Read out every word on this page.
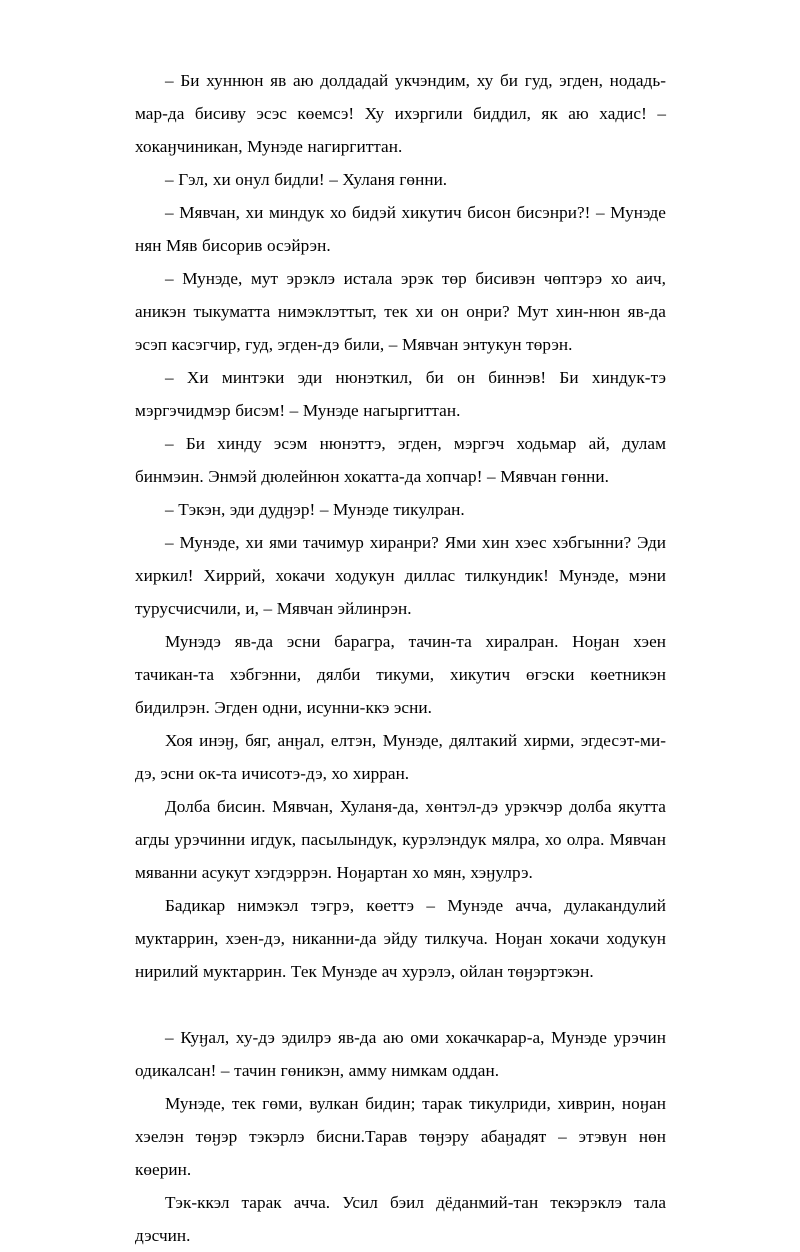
– Би хуннюн яв аю долдадай укчэндим, ху би гуд, эгден, нодадь-мар-да бисиву эсэс көемсэ! Ху ихэргили биддил, як аю хадис! – хокаӈчиникан, Мунэде нагиргиттан.

– Гэл, хи онул бидли! – Хуланя гөнни.

– Мявчан, хи миндук хо бидэй хикутич бисон бисэнри?! – Мунэде нян Мяв бисорив осэйрэн.

– Мунэде, мут эрэклэ истала эрэк төр бисивэн чөптэрэ хо аич, аникэн тыкуматта нимэклэттыт, тек хи он онри? Мут хин-нюн яв-да эсэп касэгчир, гуд, эгден-дэ били, – Мявчан энтукун төрэн.

– Хи минтэки эди нюнэткил, би он биннэв! Би хиндук-тэ мэргэчидмэр бисэм! – Мунэде нагыргиттан.

– Би хинду эсэм нюнэттэ, эгден, мэргэч ходьмар ай, дулам бинмэин. Энмэй дюлейнюн хокатта-да хопчар! – Мявчан гөнни.

– Тэкэн, эди дудӈэр! – Мунэде тикулран.

– Мунэде, хи ями тачимур хиранри? Ями хин хэес хэбгынни? Эди хиркил! Хиррий, хокачи ходукун диллас тилкундик! Мунэде, мэни турусчисчили, и, – Мявчан эйлинрэн.

Мунэдэ яв-да эсни барагра, тачин-та хиралран. Ноӈан хэен тачикан-та хэбгэнни, дялби тикуми, хикутич өгэски көетникэн бидилрэн. Эгден одни, исунни-ккэ эсни.

Хоя инэӈ, бяг, анӈал, елтэн, Мунэде, дялтакий хирми, эгдесэт-ми-дэ, эсни ок-та ичисотэ-дэ, хо хирран.

Долба бисин. Мявчан, Хуланя-да, хөнтэл-дэ урэкчэр долба якутта агды урэчинни игдук, пасылындук, курэлэндук мялра, хо олра. Мявчан мяванни асукут хэгдэррэн. Ноӈартан хо мян, хэӈулрэ.

Бадикар нимэкэл тэгрэ, көеттэ – Мунэде ачча, дулакандулий муктаррин, хэен-дэ, никанни-да эйду тилкуча. Ноӈан хокачи ходукун нирилий муктаррин. Тек Мунэде ач хурэлэ, ойлан төӈэртэкэн.

– Куӈал, ху-дэ эдилрэ яв-да аю оми хокачкарар-а, Мунэде урэчин одикалсан! – тачин гөникэн, амму нимкам оддан.

Мунэде, тек гөми, вулкан бидин; тарак тикулриди, хиврин, ноӈан хэелэн төӈэр тэкэрлэ бисни.Тарав төӈэру абаӈадят – этэвун нөн көерин.

Тэк-ккэл тарак ачча. Усил бэил дёданмий-тан текэрэклэ тала дэсчин.
